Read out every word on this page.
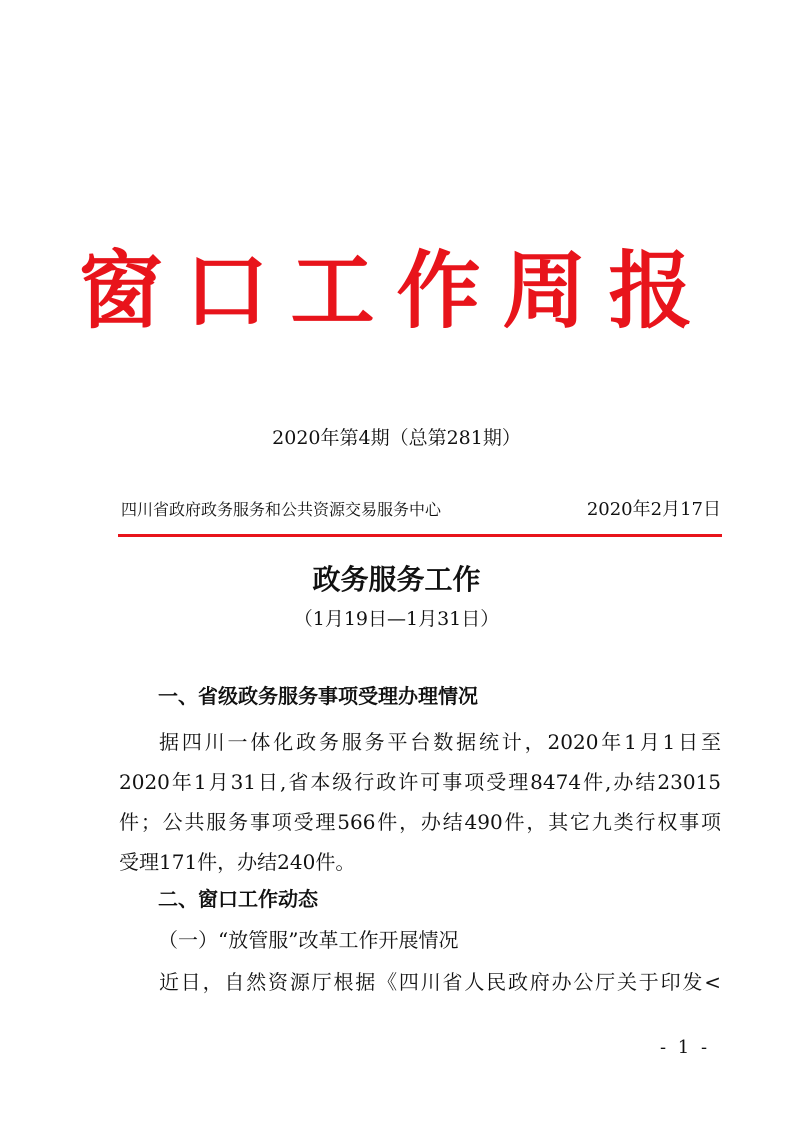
窗口工作周报
2020年第4期（总第281期）
四川省政府政务服务和公共资源交易服务中心	2020年2月17日
政务服务工作
（1月19日—1月31日）
一、省级政务服务事项受理办理情况
据四川一体化政务服务平台数据统计，2020年1月1日至
2020年1月31日,省本级行政许可事项受理8474件,办结23015
件；公共服务事项受理566件，办结490件，其它九类行权事项
受理171件，办结240件。
二、窗口工作动态
（一）“放管服”改革工作开展情况
近日，自然资源厅根据《四川省人民政府办公厅关于印发<
- 1 -
